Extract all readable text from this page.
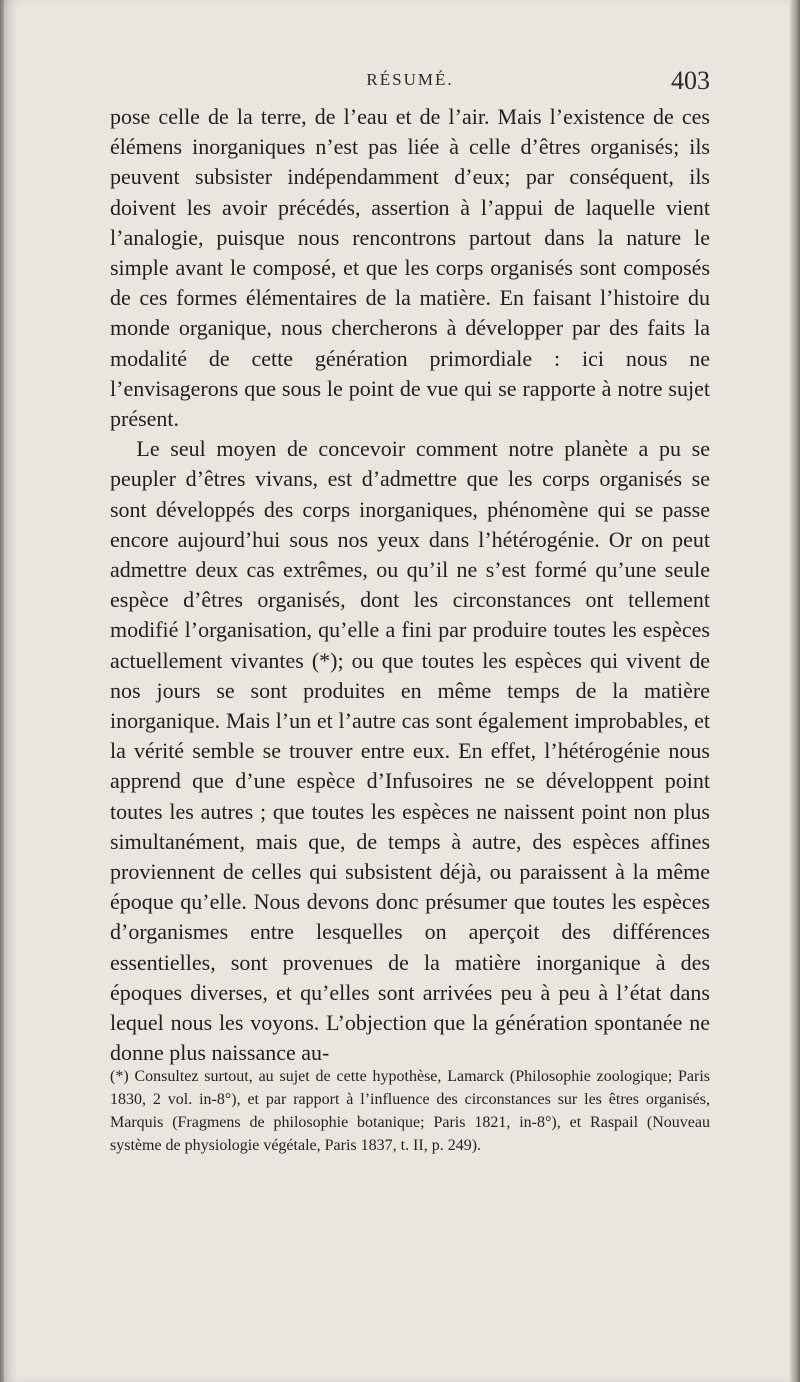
RÉSUMÉ.	403

pose celle de la terre, de l’eau et de l’air. Mais l’existence de ces élémens inorganiques n’est pas liée à celle d’êtres organisés; ils peuvent subsister indépendamment d’eux; par conséquent, ils doivent les avoir précédés, assertion à l’appui de laquelle vient l’analogie, puisque nous rencontrons partout dans la nature le simple avant le composé, et que les corps organisés sont composés de ces formes élémentaires de la matière. En faisant l’histoire du monde organique, nous chercherons à développer par des faits la modalité de cette génération primordiale : ici nous ne l’envisagerons que sous le point de vue qui se rapporte à notre sujet présent.

Le seul moyen de concevoir comment notre planète a pu se peupler d’êtres vivans, est d’admettre que les corps organisés se sont développés des corps inorganiques, phénomène qui se passe encore aujourd’hui sous nos yeux dans l’hétérogénie. Or on peut admettre deux cas extrêmes, ou qu’il ne s’est formé qu’une seule espèce d’êtres organisés, dont les circonstances ont tellement modifié l’organisation, qu’elle a fini par produire toutes les espèces actuellement vivantes (*); ou que toutes les espèces qui vivent de nos jours se sont produites en même temps de la matière inorganique. Mais l’un et l’autre cas sont également improbables, et la vérité semble se trouver entre eux. En effet, l’hétérogénie nous apprend que d’une espèce d’Infusoires ne se développent point toutes les autres ; que toutes les espèces ne naissent point non plus simultanément, mais que, de temps à autre, des espèces affines proviennent de celles qui subsistent déjà, ou paraissent à la même époque qu’elle. Nous devons donc présumer que toutes les espèces d’organismes entre lesquelles on aperçoit des différences essentielles, sont provenues de la matière inorganique à des époques diverses, et qu’elles sont arrivées peu à peu à l’état dans lequel nous les voyons. L’objection que la génération spontanée ne donne plus naissance au-

(*) Consultez surtout, au sujet de cette hypothèse, Lamarck (Philosophie zoologique; Paris 1830, 2 vol. in-8°), et par rapport à l’influence des circonstances sur les êtres organisés, Marquis (Fragmens de philosophie botanique; Paris 1821, in-8°), et Raspail (Nouveau système de physiologie végétale, Paris 1837, t. II, p. 249).
